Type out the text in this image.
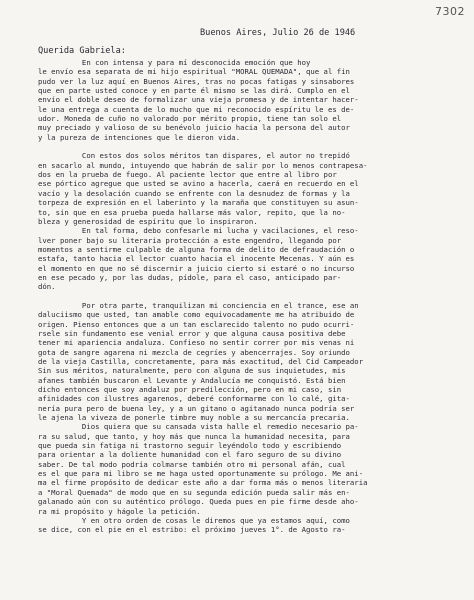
7302
Buenos Aires, Julio 26 de 1946
Querida Gabriela:
En con intensa y para mí desconocida emoción que hoy
le envío esa separata de mi hijo espiritual "MORAL QUEMADA", que al fin
pudo ver la luz aquí en Buenos Aires, tras no pocas fatigas y sinsabores
que en parte usted conoce y en parte él mismo se las dirá. Cumplo en el
envío el doble deseo de formalizar una vieja promesa y de intentar hacer-
le una entrega a cuenta de lo mucho que mi reconocido espíritu le es de-
udor. Moneda de cuño no valorado por mérito propio, tiene tan solo el
muy preciado y valioso de su benévolo juicio hacia la persona del autor
y la pureza de intenciones que le dieron vida.
Con estos dos solos méritos tan dispares, el autor no trepidó
en sacarlo al mundo, intuyendo que habrán de salir por lo menos contrapesa-
dos en la prueba de fuego. Al paciente lector que entre al libro por
ese pórtico agregue que usted se avino a hacerla, caerá en recuerdo en el
vacío y la desolación cuando se enfrente con la desnudez de formas y la
torpeza de expresión en el laberinto y la maraña que constituyen su asun-
to, sin que en esa prueba pueda hallarse más valor, repito, que la no-
bleza y generosidad de espíritu que lo inspiraron.
En tal forma, debo confesarle mi lucha y vacilaciones, el reso-
lver poner bajo su literaria protección a este engendro, llegando por
momentos a sentirme culpable de alguna forma de delito de defraudación o
estafa, tanto hacia el lector cuanto hacia el inocente Mecenas. Y aún es
el momento en que no sé discernir a juicio cierto si estaré o no incurso
en ese pecado y, por las dudas, pídole, para el caso, anticipado par-
dón.
Por otra parte, tranquilizan mi conciencia en el trance, ese an
daluciismo que usted, tan amable como equivocadamente me ha atribuido de
origen. Pienso entonces que a un tan esclarecido talento no pudo ocurri-
rsele sin fundamento ese venial error y que alguna causa positiva debe
tener mi apariencia andaluza. Confieso no sentir correr por mis venas ni
gota de sangre agarena ni mezcla de cegríes y abencerrajes. Soy oriundo
de la vieja Castilla, concretamente, para más exactitud, del Cid Campeador
Sin sus méritos, naturalmente, pero con alguna de sus inquietudes, mis
afanes también buscaron el Levante y Andalucía me conquistó. Está bien
dicho entonces que soy andaluz por predilección, pero en mi caso, sin
afinidades con ilustres agarenos, deberé conformarme con lo calé, gita-
nería pura pero de buena ley, y a un gitano o agitanado nunca podría ser
le ajena la viveza de ponerle timbre muy noble a su mercancía precaria.
Dios quiera que su cansada vista halle el remedio necesario pa-
ra su salud, que tanto, y hoy más que nunca la humanidad necesita, para
que pueda sin fatiga ni trastorno seguir leyéndolo todo y escribiendo
para orientar a la doliente humanidad con el faro seguro de su divino
saber. De tal modo podría colmarse también otro mi personal afán, cual
es el que para mi libro se me haga usted oportunamente su prólogo. Me ani-
ma el firme propósito de dedicar este año a dar forma más o menos literaria
a "Moral Quemada" de modo que en su segunda edición pueda salir más en-
galanado aún con su auténtico prólogo. Queda pues en pie firme desde aho-
ra mi propósito y hágole la petición.
Y en otro orden de cosas le diremos que ya estamos aquí, como
se dice, con el pie en el estribo: el próximo jueves 1°. de Agosto ra-
